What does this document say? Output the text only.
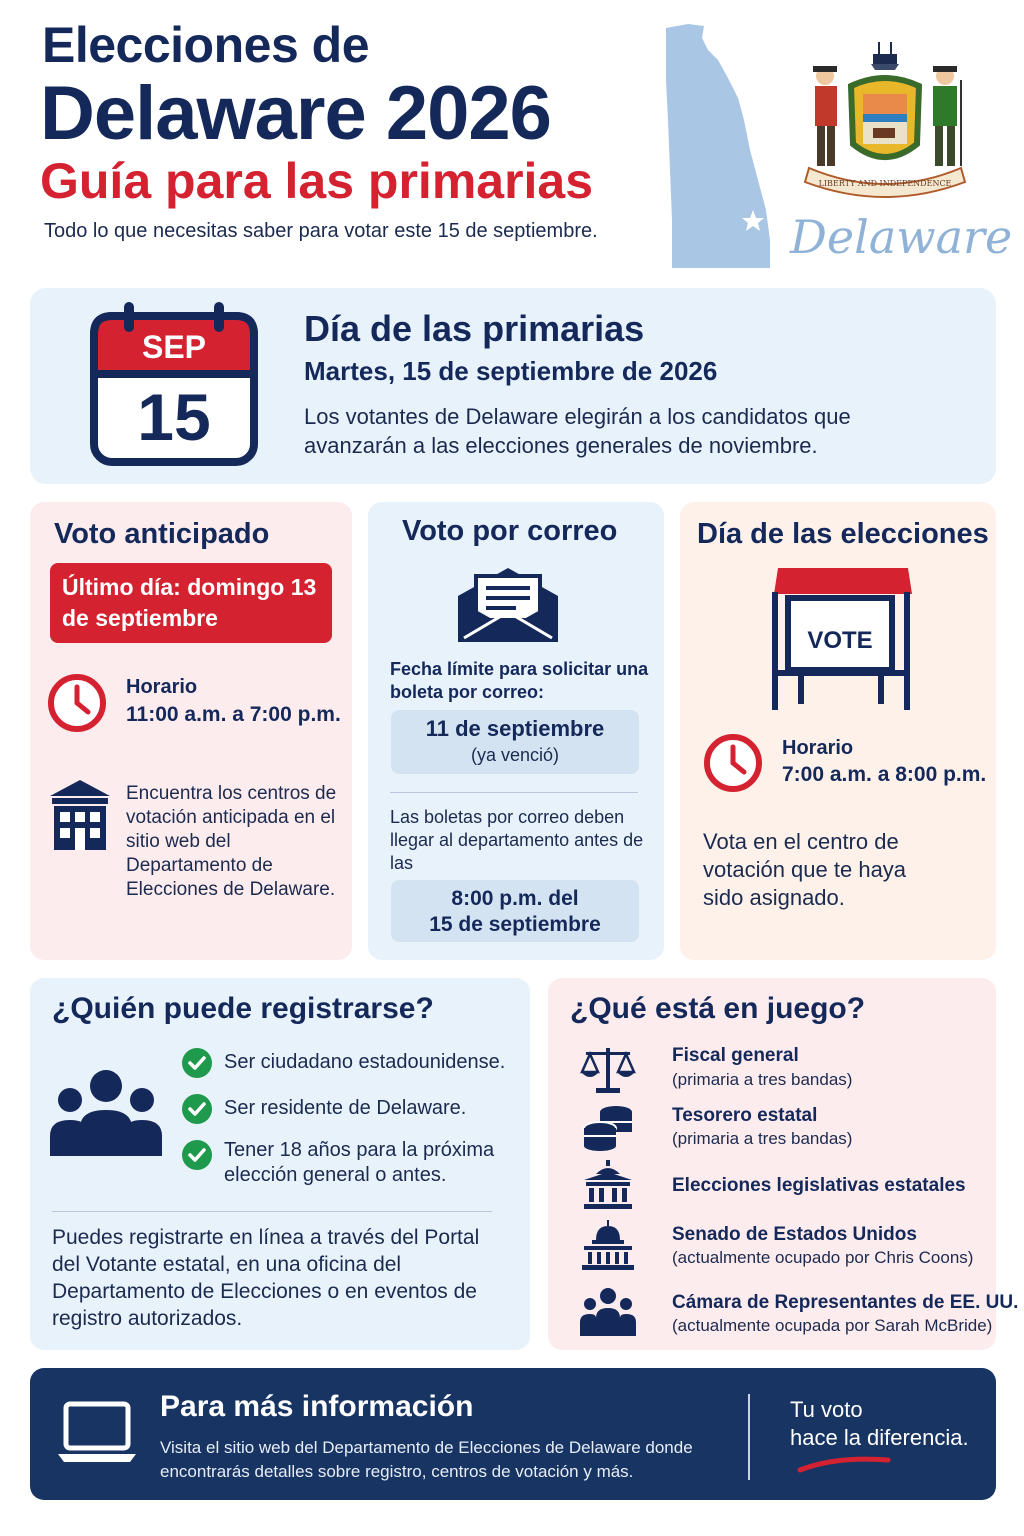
Elecciones de
Delaware 2026
Guía para las primarias
Todo lo que necesitas saber para votar este 15 de septiembre.
LIBERTY AND INDEPENDENCE
Delaware
SEP
15
Día de las primarias
Martes, 15 de septiembre de 2026
Los votantes de Delaware elegirán a los candidatos que avanzarán a las elecciones generales de noviembre.
Voto anticipado
Último día: domingo 13 de septiembre
Horario
11:00 a.m. a 7:00 p.m.
Encuentra los centros de votación anticipada en el sitio web del Departamento de Elecciones de Delaware.
Voto por correo
Fecha límite para solicitar una boleta por correo:
11 de septiembre
(ya venció)
Las boletas por correo deben llegar al departamento antes de las
8:00 p.m. del
15 de septiembre
Día de las elecciones
VOTE
Horario
7:00 a.m. a 8:00 p.m.
Vota en el centro de votación que te haya sido asignado.
¿Quién puede registrarse?
Ser ciudadano estadounidense.
Ser residente de Delaware.
Tener 18 años para la próxima elección general o antes.
Puedes registrarte en línea a través del Portal del Votante estatal, en una oficina del Departamento de Elecciones o en eventos de registro autorizados.
¿Qué está en juego?
Fiscal general
(primaria a tres bandas)
Tesorero estatal
(primaria a tres bandas)
Elecciones legislativas estatales
Senado de Estados Unidos
(actualmente ocupado por Chris Coons)
Cámara de Representantes de EE. UU.
(actualmente ocupada por Sarah McBride)
Para más información
Visita el sitio web del Departamento de Elecciones de Delaware donde encontrarás detalles sobre registro, centros de votación y más.
Tu voto
hace la diferencia.
